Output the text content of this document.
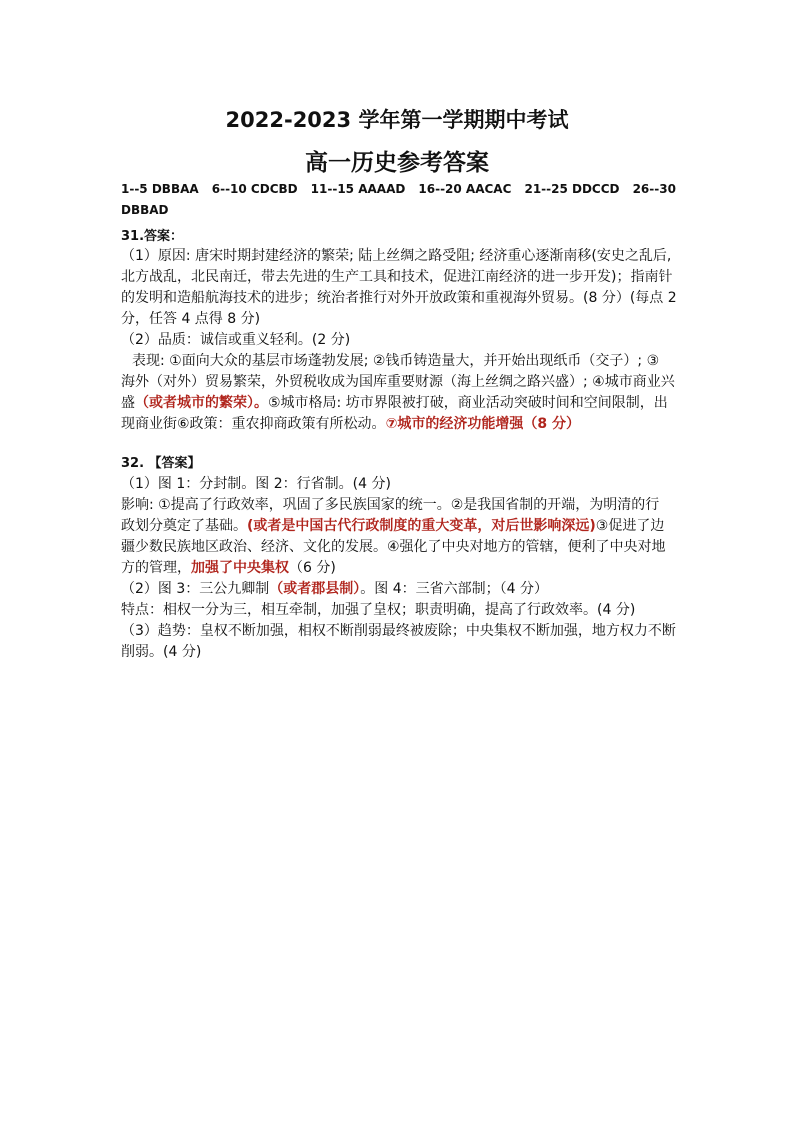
2022-2023 学年第一学期期中考试
高一历史参考答案
1--5 DBBAA 6--10 CDCBD 11--15 AAAAD 16--20 AACAC 21--25 DDCCD 26--30
DBBAD
31.答案：
（1）原因: 唐宋时期封建经济的繁荣; 陆上丝绸之路受阻; 经济重心逐渐南移(安史之乱后,
北方战乱，北民南迁，带去先进的生产工具和技术，促进江南经济的进一步开发)；指南针
的发明和造船航海技术的进步；统治者推行对外开放政策和重视海外贸易。(8 分）(每点 2
分，任答 4 点得 8 分)
（2）品质：诚信或重义轻利。(2 分)
表现: ①面向大众的基层市场蓬勃发展; ②钱币铸造量大，并开始出现纸币（交子）; ③
海外（对外）贸易繁荣，外贸税收成为国库重要财源（海上丝绸之路兴盛）; ④城市商业兴
盛（或者城市的繁荣）。⑤城市格局: 坊市界限被打破，商业活动突破时间和空间限制，出
现商业街⑥政策：重农抑商政策有所松动。⑦城市的经济功能增强（8 分）
32. 【答案】
（1）图 1：分封制。图 2：行省制。(4 分)
影响: ①提高了行政效率，巩固了多民族国家的统一。②是我国省制的开端，为明清的行
政划分奠定了基础。(或者是中国古代行政制度的重大变革，对后世影响深远)③促进了边
疆少数民族地区政治、经济、文化的发展。④强化了中央对地方的管辖，便利了中央对地
方的管理，加强了中央集权（6 分)
（2）图 3：三公九卿制（或者郡县制）。图 4：三省六部制；（4 分）
特点：相权一分为三，相互牵制，加强了皇权；职责明确，提高了行政效率。(4 分)
（3）趋势：皇权不断加强，相权不断削弱最终被废除；中央集权不断加强，地方权力不断
削弱。(4 分)
